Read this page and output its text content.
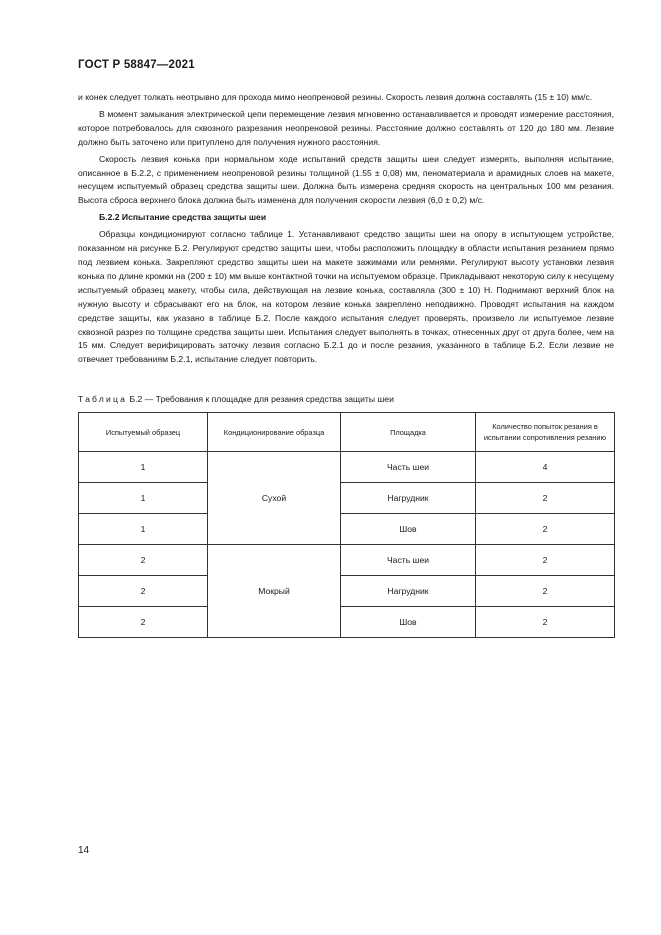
ГОСТ Р 58847—2021

и конек следует толкать неотрывно для прохода мимо неопреновой резины. Скорость лезвия должна составлять (15 ± 10) мм/с.

В момент замыкания электрической цепи перемещение лезвия мгновенно останавливается и проводят измерение расстояния, которое потребовалось для сквозного разрезания неопреновой резины. Расстояние должно составлять от 120 до 180 мм. Лезвие должно быть заточено или притуплено для получения нужного расстояния.

Скорость лезвия конька при нормальном ходе испытаний средств защиты шеи следует измерять, выполняя испытание, описанное в Б.2.2, с применением неопреновой резины толщиной (1.55 ± 0,08) мм, пеноматериала и арамидных слоев на макете, несущем испытуемый образец средства защиты шеи. Должна быть измерена средняя скорость на центральных 100 мм резания. Высота сброса верхнего блока должна быть изменена для получения скорости лезвия (6,0 ± 0,2) м/с.

Б.2.2 Испытание средства защиты шеи

Образцы кондиционируют согласно таблице 1. Устанавливают средство защиты шеи на опору в испытующем устройстве, показанном на рисунке Б.2. Регулируют средство защиты шеи, чтобы расположить площадку в области испытания резанием прямо под лезвием конька. Закрепляют средство защиты шеи на макете зажимами или ремнями. Регулируют высоту установки лезвия конька по длине кромки на (200 ± 10) мм выше контактной точки на испытуемом образце. Прикладывают некоторую силу к несущему испытуемый образец макету, чтобы сила, действующая на лезвие конька, составляла (300 ± 10) Н. Поднимают верхний блок на нужную высоту и сбрасывают его на блок, на котором лезвие конька закреплено неподвижно. Проводят испытания на каждом средстве защиты, как указано в таблице Б.2. После каждого испытания следует проверять, произвело ли испытуемое лезвие сквозной разрез по толщине средства защиты шеи. Испытания следует выполнять в точках, отнесенных друг от друга более, чем на 15 мм. Следует верифицировать заточку лезвия согласно Б.2.1 до и после резания, указанного в таблице Б.2. Если лезвие не отвечает требованиям Б.2.1, испытание следует повторить.

Таблица Б.2 — Требования к площадке для резания средства защиты шеи
Испытуемый образец	Кондиционирование образца	Площадка	Количество попыток резания в испытании сопротивления резанию
1	Сухой	Часть шеи	4
1		Нагрудник	2
1		Шов	2
2	Мокрый	Часть шеи	2
2		Нагрудник	2
2		Шов	2
14
